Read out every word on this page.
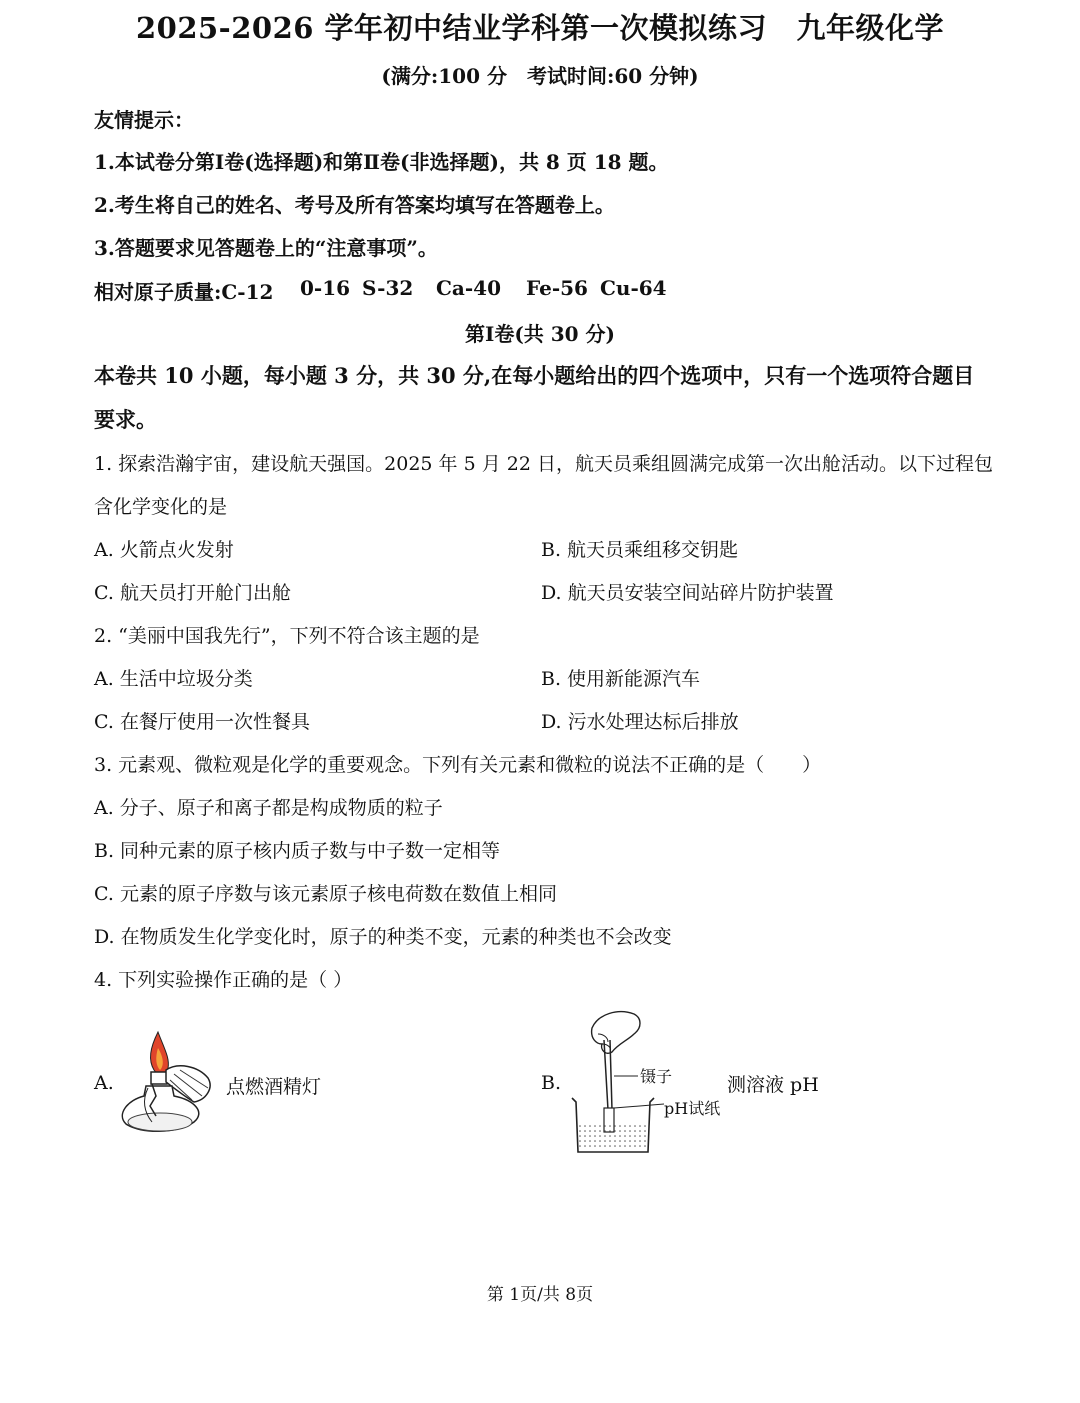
2025-2026 学年初中结业学科第一次模拟练习　九年级化学
(满分:100 分　考试时间:60 分钟)
友情提示：
1.本试卷分第Ⅰ卷(选择题)和第Ⅱ卷(非选择题)，共 8 页 18 题。
2.考生将自己的姓名、考号及所有答案均填写在答题卷上。
3.答题要求见答题卷上的“注意事项”。
相对原子质量:C-12 0-16 S-32 Ca-40 Fe-56 Cu-64
第Ⅰ卷(共 30 分)
本卷共 10 小题，每小题 3 分，共 30 分,在每小题给出的四个选项中，只有一个选项符合题目
要求。
1. 探索浩瀚宇宙，建设航天强国。2025 年 5 月 22 日，航天员乘组圆满完成第一次出舱活动。以下过程包
含化学变化的是
A. 火箭点火发射	B. 航天员乘组移交钥匙
C. 航天员打开舱门出舱	D. 航天员安装空间站碎片防护装置
2. “美丽中国我先行”，下列不符合该主题的是
A. 生活中垃圾分类	B. 使用新能源汽车
C. 在餐厅使用一次性餐具	D. 污水处理达标后排放
3. 元素观、微粒观是化学的重要观念。下列有关元素和微粒的说法不正确的是（　　）
A. 分子、原子和离子都是构成物质的粒子
B. 同种元素的原子核内质子数与中子数一定相等
C. 元素的原子序数与该元素原子核电荷数在数值上相同
D. 在物质发生化学变化时，原子的种类不变，元素的种类也不会改变
4. 下列实验操作正确的是（ ）
A.	点燃酒精灯	B.	镊子
pH试纸
测溶液 pH
第 1页/共 8页
